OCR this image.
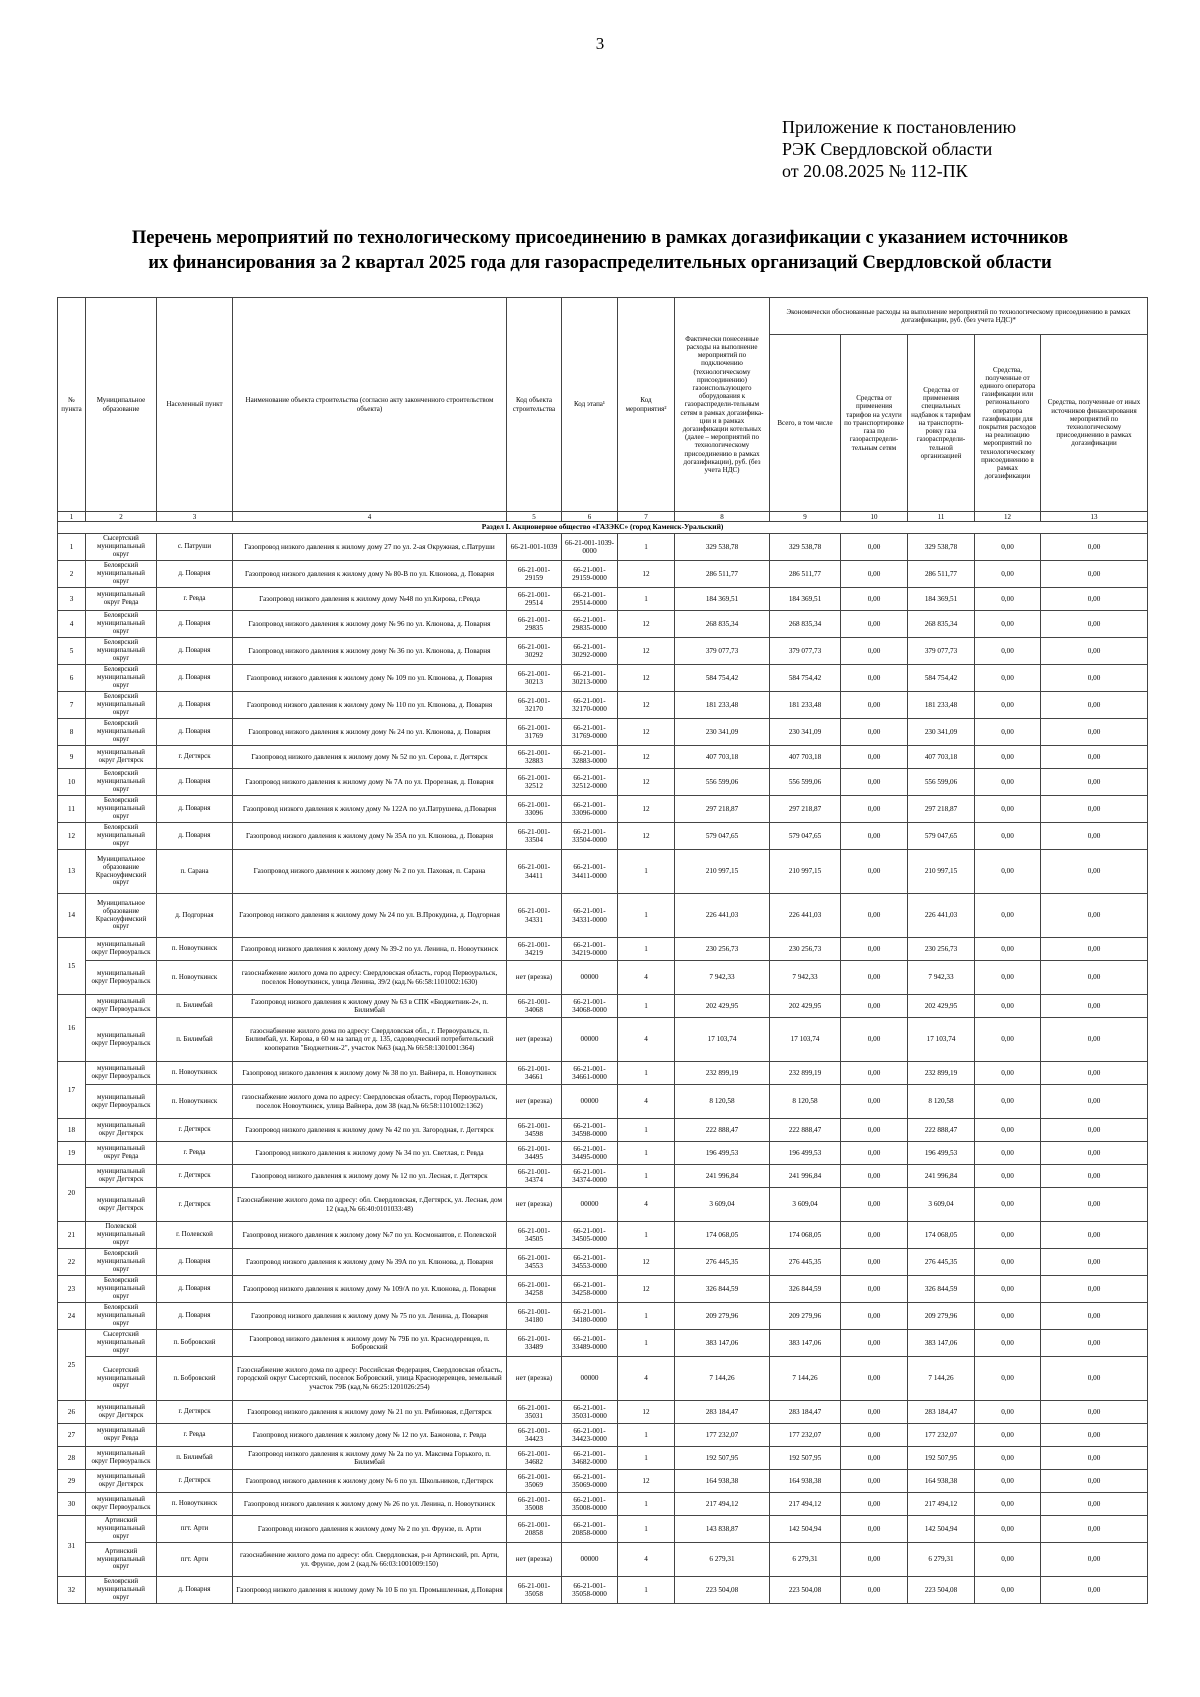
3
Приложение к постановлению
РЭК Свердловской области
от 20.08.2025 № 112-ПК
Перечень мероприятий по технологическому присоединению в рамках догазификации с указанием источников
их финансирования за 2 квартал 2025 года для газораспределительных организаций Свердловской области
№ пункта	Муниципальное образование	Населенный пункт	Наименование объекта строительства (согласно акту законченного строительством объекта)	Код объекта строительства	Код этапа¹	Код мероприятия²	Фактически понесенные расходы на выполнение мероприятий по подключению (технологическому присоединению) газоиспользующего оборудования к газораспредели-тельным сетям в рамках догазифика-ции и в рамках догазификации котельных (далее – мероприятий по технологическому присоединению в рамках догазификации), руб. (без учета НДС)	Экономически обоснованные расходы на выполнение мероприятий по технологическому присоединению в рамках догазификации, руб. (без учета НДС)*				
								Всего, в том числе	Средства от применения тарифов на услуги по транспортировке газа по газораспредели-тельным сетям	Средства от применения специальных надбавок к тарифам на транспорти-ровку газа газораспредели-тельной организацией	Средства, полученные от единого оператора газификации или регионального оператора газификации для покрытия расходов на реализацию мероприятий по технологическому присоединению в рамках догазификации	Средства, полученные от иных источников финансирования мероприятий по технологическому присоединению в рамках догазификации
1	2	3	4	5	6	7	8	9	10	11	12	13
Раздел I. Акционерное общество «ГАЗЭКС» (город Каменск-Уральский)												
1	Сысертский муниципальный округ	с. Патруши	Газопровод низкого давления к жилому дому 27 по ул. 2-ая Окружная, с.Патруши	66-21-001-1039	66-21-001-1039-0000	1	329 538,78	329 538,78	0,00	329 538,78	0,00	0,00
2	Белоярский муниципальный округ	д. Поварня	Газопровод низкого давления к жилому дому № 80-В по ул. Клюнова, д. Поварня	66-21-001-29159	66-21-001-29159-0000	12	286 511,77	286 511,77	0,00	286 511,77	0,00	0,00
3	муниципальный округ Ревда	г. Ревда	Газопровод низкого давления к жилому дому №48 по ул.Кирова, г.Ревда	66-21-001-29514	66-21-001-29514-0000	1	184 369,51	184 369,51	0,00	184 369,51	0,00	0,00
4	Белоярский муниципальный округ	д. Поварня	Газопровод низкого давления к жилому дому № 96 по ул. Клюнова, д. Поварня	66-21-001-29835	66-21-001-29835-0000	12	268 835,34	268 835,34	0,00	268 835,34	0,00	0,00
5	Белоярский муниципальный округ	д. Поварня	Газопровод низкого давления к жилому дому № 36 по ул. Клюнова, д. Поварня	66-21-001-30292	66-21-001-30292-0000	12	379 077,73	379 077,73	0,00	379 077,73	0,00	0,00
6	Белоярский муниципальный округ	д. Поварня	Газопровод низкого давления к жилому дому № 109 по ул. Клюнова, д. Поварня	66-21-001-30213	66-21-001-30213-0000	12	584 754,42	584 754,42	0,00	584 754,42	0,00	0,00
7	Белоярский муниципальный округ	д. Поварня	Газопровод низкого давления к жилому дому № 110 по ул. Клюнова, д. Поварня	66-21-001-32170	66-21-001-32170-0000	12	181 233,48	181 233,48	0,00	181 233,48	0,00	0,00
8	Белоярский муниципальный округ	д. Поварня	Газопровод низкого давления к жилому дому № 24 по ул. Клюнова, д. Поварня	66-21-001-31769	66-21-001-31769-0000	12	230 341,09	230 341,09	0,00	230 341,09	0,00	0,00
9	муниципальный округ Дегтярск	г. Дегтярск	Газопровод низкого давления к жилому дому № 52 по ул. Серова, г. Дегтярск	66-21-001-32883	66-21-001-32883-0000	12	407 703,18	407 703,18	0,00	407 703,18	0,00	0,00
10	Белоярский муниципальный округ	д. Поварня	Газопровод низкого давления к жилому дому № 7А по ул. Прорезная, д. Поварня	66-21-001-32512	66-21-001-32512-0000	12	556 599,06	556 599,06	0,00	556 599,06	0,00	0,00
11	Белоярский муниципальный округ	д. Поварня	Газопровод низкого давления к жилому дому № 122А по ул.Патрушева, д.Поварня	66-21-001-33096	66-21-001-33096-0000	12	297 218,87	297 218,87	0,00	297 218,87	0,00	0,00
12	Белоярский муниципальный округ	д. Поварня	Газопровод низкого давления к жилому дому № 35А по ул. Клюнова, д. Поварня	66-21-001-33504	66-21-001-33504-0000	12	579 047,65	579 047,65	0,00	579 047,65	0,00	0,00
13	Муниципальное образование Красноуфимский округ	п. Сарана	Газопровод низкого давления к жилому дому № 2 по ул. Паховая, п. Сарана	66-21-001-34411	66-21-001-34411-0000	1	210 997,15	210 997,15	0,00	210 997,15	0,00	0,00
14	Муниципальное образование Красноуфимский округ	д. Подгорная	Газопровод низкого давления к жилому дому № 24 по ул. В.Прокудина, д. Подгорная	66-21-001-34331	66-21-001-34331-0000	1	226 441,03	226 441,03	0,00	226 441,03	0,00	0,00
15	муниципальный округ Первоуральск	п. Новоуткинск	Газопровод низкого давления к жилому дому № 39-2 по ул. Ленина, п. Новоуткинск	66-21-001-34219	66-21-001-34219-0000	1	230 256,73	230 256,73	0,00	230 256,73	0,00	0,00
	муниципальный округ Первоуральск	п. Новоуткинск	газоснабжение жилого дома по адресу: Свердловская область, город Первоуральск, поселок Новоуткинск, улица Ленина, 39/2 (кад.№ 66:58:1101002:1630)	нет (врезка)	00000	4	7 942,33	7 942,33	0,00	7 942,33	0,00	0,00
16	муниципальный округ Первоуральск	п. Билимбай	Газопровод низкого давления к жилому дому № 63 в СПК «Бюджетник-2», п. Билимбай	66-21-001-34068	66-21-001-34068-0000	1	202 429,95	202 429,95	0,00	202 429,95	0,00	0,00
	муниципальный округ Первоуральск	п. Билимбай	газоснабжение жилого дома по адресу: Свердловская обл., г. Первоуральск, п. Билимбай, ул. Кирова, в 60 м на запад от д. 135, садоводческий потребительский кооператив "Бюджетник-2", участок №63 (кад.№ 66:58:1301001:364)	нет (врезка)	00000	4	17 103,74	17 103,74	0,00	17 103,74	0,00	0,00
17	муниципальный округ Первоуральск	п. Новоуткинск	Газопровод низкого давления к жилому дому № 38 по ул. Вайнера, п. Новоуткинск	66-21-001-34661	66-21-001-34661-0000	1	232 899,19	232 899,19	0,00	232 899,19	0,00	0,00
	муниципальный округ Первоуральск	п. Новоуткинск	газоснабжение жилого дома по адресу: Свердловская область, город Первоуральск, поселок Новоуткинск, улица Вайнера, дом 38 (кад.№ 66:58:1101002:1362)	нет (врезка)	00000	4	8 120,58	8 120,58	0,00	8 120,58	0,00	0,00
18	муниципальный округ Дегтярск	г. Дегтярск	Газопровод низкого давления к жилому дому № 42 по ул. Загородная, г. Дегтярск	66-21-001-34598	66-21-001-34598-0000	1	222 888,47	222 888,47	0,00	222 888,47	0,00	0,00
19	муниципальный округ Ревда	г. Ревда	Газопровод низкого давления к жилому дому № 34 по ул. Светлая, г. Ревда	66-21-001-34495	66-21-001-34495-0000	1	196 499,53	196 499,53	0,00	196 499,53	0,00	0,00
20	муниципальный округ Дегтярск	г. Дегтярск	Газопровод низкого давления к жилому дому № 12 по ул. Лесная, г. Дегтярск	66-21-001-34374	66-21-001-34374-0000	1	241 996,84	241 996,84	0,00	241 996,84	0,00	0,00
	муниципальный округ Дегтярск	г. Дегтярск	Газоснабжение жилого дома по адресу: обл. Свердловская, г.Дегтярск, ул. Лесная, дом 12 (кад.№ 66:40:0101033:48)	нет (врезка)	00000	4	3 609,04	3 609,04	0,00	3 609,04	0,00	0,00
21	Полевской муниципальный округ	г. Полевской	Газопровод низкого давления к жилому дому №7 по ул. Космонавтов, г. Полевской	66-21-001-34505	66-21-001-34505-0000	1	174 068,05	174 068,05	0,00	174 068,05	0,00	0,00
22	Белоярский муниципальный округ	д. Поварня	Газопровод низкого давления к жилому дому № 39А по ул. Клюнова, д. Поварня	66-21-001-34553	66-21-001-34553-0000	12	276 445,35	276 445,35	0,00	276 445,35	0,00	0,00
23	Белоярский муниципальный округ	д. Поварня	Газопровод низкого давления к жилому дому № 109/А по ул. Клюнова, д. Поварня	66-21-001-34258	66-21-001-34258-0000	12	326 844,59	326 844,59	0,00	326 844,59	0,00	0,00
24	Белоярский муниципальный округ	д. Поварня	Газопровод низкого давления к жилому дому № 75 по ул. Ленина, д. Поварня	66-21-001-34180	66-21-001-34180-0000	1	209 279,96	209 279,96	0,00	209 279,96	0,00	0,00
25	Сысертский муниципальный округ	п. Бобровский	Газопровод низкого давления к жилому дому № 79Б по ул. Краснодеревцев, п. Бобровский	66-21-001-33489	66-21-001-33489-0000	1	383 147,06	383 147,06	0,00	383 147,06	0,00	0,00
	Сысертский муниципальный округ	п. Бобровский	Газоснабжение жилого дома по адресу: Российская Федерация, Свердловская область, городской округ Сысертский, поселок Бобровский, улица Краснодеревцев, земельный участок 79Б (кад.№ 66:25:1201026:254)	нет (врезка)	00000	4	7 144,26	7 144,26	0,00	7 144,26	0,00	0,00
26	муниципальный округ Дегтярск	г. Дегтярск	Газопровод низкого давления к жилому дому № 21 по ул. Рябиновая, г.Дегтярск	66-21-001-35031	66-21-001-35031-0000	12	283 184,47	283 184,47	0,00	283 184,47	0,00	0,00
27	муниципальный округ Ревда	г. Ревда	Газопровод низкого давления к жилому дому № 12 по ул. Бажонова, г. Ревда	66-21-001-34423	66-21-001-34423-0000	1	177 232,07	177 232,07	0,00	177 232,07	0,00	0,00
28	муниципальный округ Первоуральск	п. Билимбай	Газопровод низкого давления к жилому дому № 2а по ул. Максима Горького, п. Билимбай	66-21-001-34682	66-21-001-34682-0000	1	192 507,95	192 507,95	0,00	192 507,95	0,00	0,00
29	муниципальный округ Дегтярск	г. Дегтярск	Газопровод низкого давления к жилому дому № 6 по ул. Школьников, г.Дегтярск	66-21-001-35069	66-21-001-35069-0000	12	164 938,38	164 938,38	0,00	164 938,38	0,00	0,00
30	муниципальный округ Первоуральск	п. Новоуткинск	Газопровод низкого давления к жилому дому № 26 по ул. Ленина, п. Новоуткинск	66-21-001-35008	66-21-001-35008-0000	1	217 494,12	217 494,12	0,00	217 494,12	0,00	0,00
31	Артинский муниципальный округ	пгт. Арти	Газопровод низкого давления к жилому дому № 2 по ул. Фрунзе, п. Арти	66-21-001-20858	66-21-001-20858-0000	1	143 838,87	142 504,94	0,00	142 504,94	0,00	0,00
	Артинский муниципальный округ	пгт. Арти	газоснабжение жилого дома по адресу: обл. Свердловская, р-н Артинский, рп. Арти, ул. Фрунзе, дом 2 (кад.№ 66:03:1001009:150)	нет (врезка)	00000	4	6 279,31	6 279,31	0,00	6 279,31	0,00	0,00
32	Белоярский муниципальный округ	д. Поварня	Газопровод низкого давления к жилому дому № 10 Б по ул. Промышленная, д.Поварня	66-21-001-35058	66-21-001-35058-0000	1	223 504,08	223 504,08	0,00	223 504,08	0,00	0,00
